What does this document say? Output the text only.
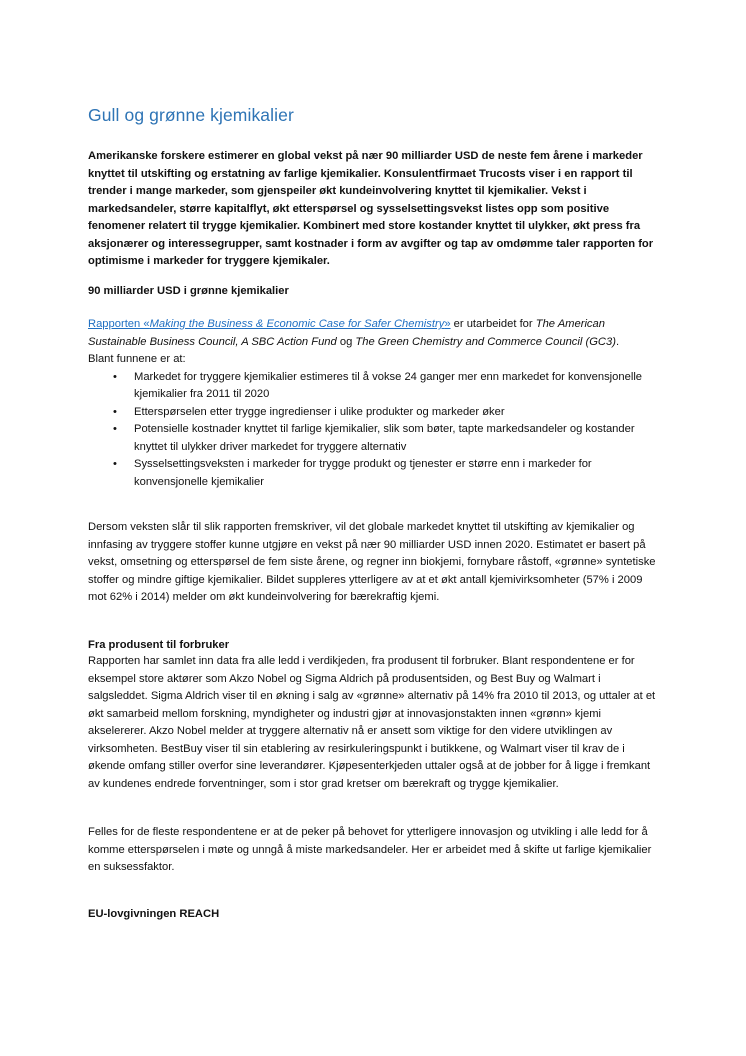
Gull og grønne kjemikalier

Amerikanske forskere estimerer en global vekst på nær 90 milliarder USD de neste fem årene i markeder knyttet til utskifting og erstatning av farlige kjemikalier. Konsulentfirmaet Trucosts viser i en rapport til trender i mange markeder, som gjenspeiler økt kundeinvolvering knyttet til kjemikalier. Vekst i markedsandeler, større kapitalflyt, økt etterspørsel og sysselsettingsvekst listes opp som positive fenomener relatert til trygge kjemikalier. Kombinert med store kostander knyttet til ulykker, økt press fra aksjonærer og interessegrupper, samt kostnader i form av avgifter og tap av omdømme taler rapporten for optimisme i markeder for tryggere kjemikaler.

90 milliarder USD i grønne kjemikalier

Rapporten «Making the Business & Economic Case for Safer Chemistry» er utarbeidet for The American Sustainable Business Council, A SBC Action Fund og The Green Chemistry and Commerce Council (GC3).

Blant funnene er at:

• Markedet for tryggere kjemikalier estimeres til å vokse 24 ganger mer enn markedet for konvensjonelle kjemikalier fra 2011 til 2020
• Etterspørselen etter trygge ingredienser i ulike produkter og markeder øker
• Potensielle kostnader knyttet til farlige kjemikalier, slik som bøter, tapte markedsandeler og kostander knyttet til ulykker driver markedet for tryggere alternativ
• Sysselsettingsveksten i markeder for trygge produkt og tjenester er større enn i markeder for konvensjonelle kjemikalier

Dersom veksten slår til slik rapporten fremskriver, vil det globale markedet knyttet til utskifting av kjemikalier og innfasing av tryggere stoffer kunne utgjøre en vekst på nær 90 milliarder USD innen 2020. Estimatet er basert på vekst, omsetning og etterspørsel de fem siste årene, og regner inn biokjemi, fornybare råstoff, «grønne» syntetiske stoffer og mindre giftige kjemikalier. Bildet suppleres ytterligere av at et økt antall kjemivirksomheter (57% i 2009 mot 62% i 2014) melder om økt kundeinvolvering for bærekraftig kjemi.

Fra produsent til forbruker

Rapporten har samlet inn data fra alle ledd i verdikjeden, fra produsent til forbruker. Blant respondentene er for eksempel store aktører som Akzo Nobel og Sigma Aldrich på produsentsiden, og Best Buy og Walmart i salgsleddet. Sigma Aldrich viser til en økning i salg av «grønne» alternativ på 14% fra 2010 til 2013, og uttaler at et økt samarbeid mellom forskning, myndigheter og industri gjør at innovasjonstakten innen «grønn» kjemi akselererer. Akzo Nobel melder at tryggere alternativ nå er ansett som viktige for den videre utviklingen av virksomheten. BestBuy viser til sin etablering av resirkuleringspunkt i butikkene, og Walmart viser til krav de i økende omfang stiller overfor sine leverandører. Kjøpesenterkjeden uttaler også at de jobber for å ligge i fremkant av kundenes endrede forventninger, som i stor grad kretser om bærekraft og trygge kjemikalier.

Felles for de fleste respondentene er at de peker på behovet for ytterligere innovasjon og utvikling i alle ledd for å komme etterspørselen i møte og unngå å miste markedsandeler. Her er arbeidet med å skifte ut farlige kjemikalier en suksessfaktor.

EU-lovgivningen REACH
